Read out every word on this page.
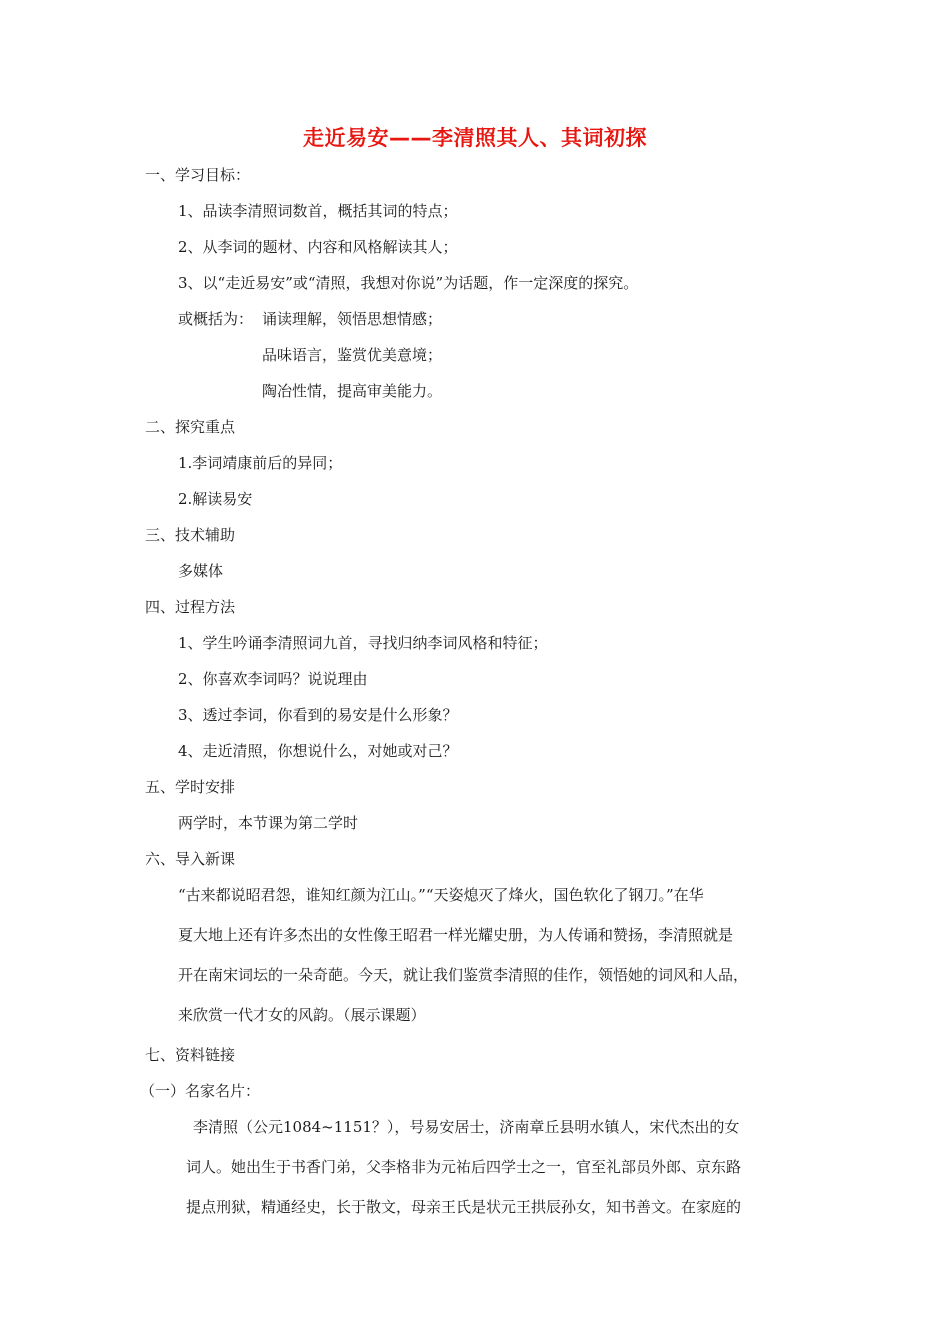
走近易安——李清照其人、其词初探
一、学习目标：
1、品读李清照词数首，概括其词的特点；
2、从李词的题材、内容和风格解读其人；
3、以“走近易安”或“清照，我想对你说”为话题，作一定深度的探究。
或概括为： 诵读理解，领悟思想情感；
品味语言，鉴赏优美意境；
陶冶性情，提高审美能力。
二、探究重点
1.李词靖康前后的异同；
2.解读易安
三、技术辅助
多媒体
四、过程方法
1、学生吟诵李清照词九首，寻找归纳李词风格和特征；
2、你喜欢李词吗？说说理由
3、透过李词，你看到的易安是什么形象？
4、走近清照，你想说什么，对她或对己？
五、学时安排
两学时，本节课为第二学时
六、导入新课
“古来都说昭君怨，谁知红颜为江山。”“天姿熄灭了烽火，国色软化了钢刀。”在华
夏大地上还有许多杰出的女性像王昭君一样光耀史册，为人传诵和赞扬，李清照就是
开在南宋词坛的一朵奇葩。今天，就让我们鉴赏李清照的佳作，领悟她的词风和人品，
来欣赏一代才女的风韵。（展示课题）
七、资料链接
（一）名家名片：
李清照（公元1084~1151？），号易安居士，济南章丘县明水镇人，宋代杰出的女
词人。她出生于书香门弟，父李格非为元祐后四学士之一，官至礼部员外郎、京东路
提点刑狱，精通经史，长于散文，母亲王氏是状元王拱辰孙女，知书善文。在家庭的
